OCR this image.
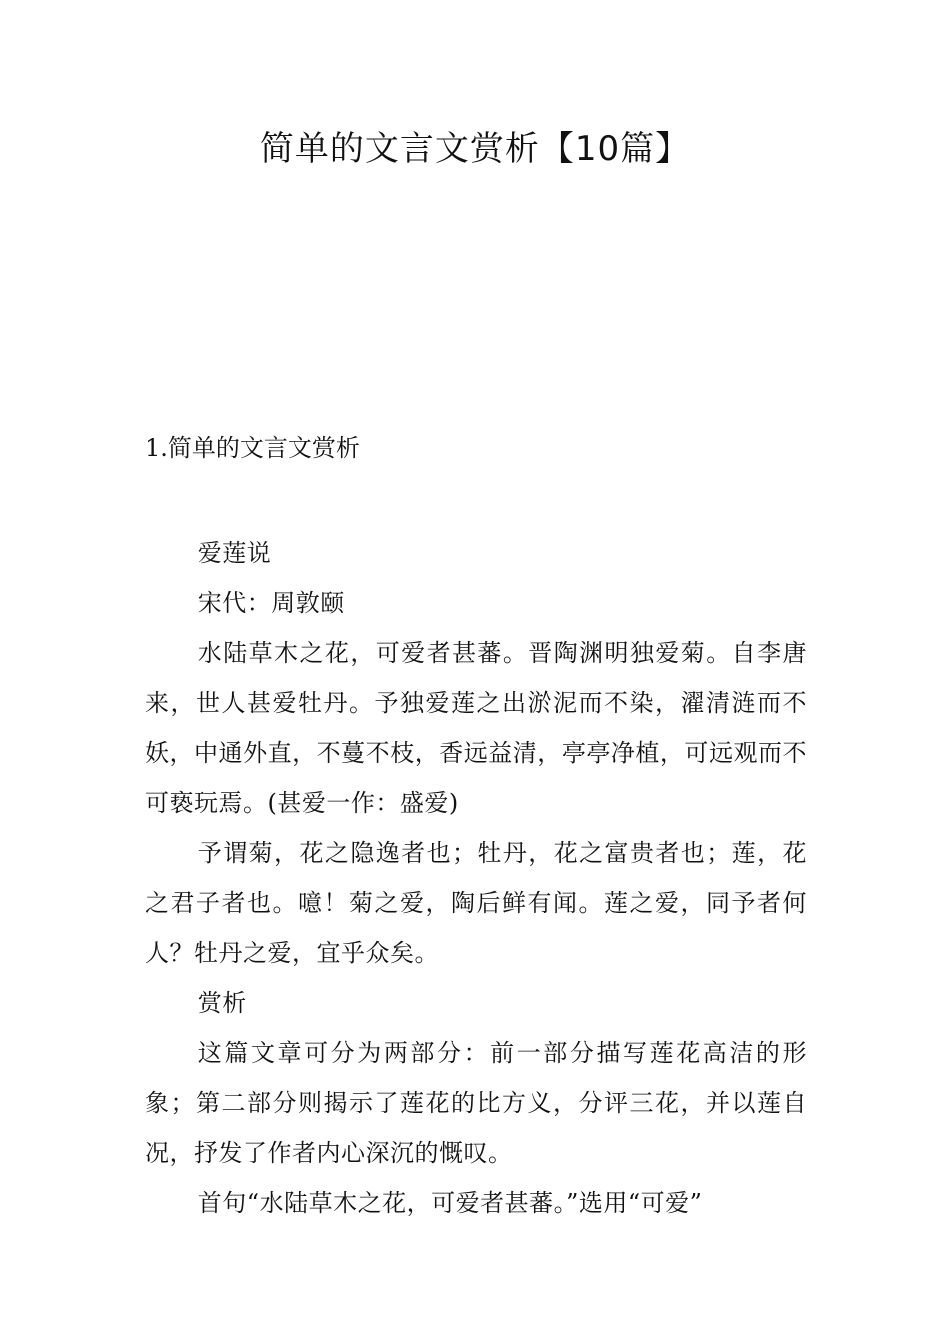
简单的文言文赏析【10篇】
1.简单的文言文赏析

爱莲说

宋代：周敦颐

水陆草木之花，可爱者甚蕃。晋陶渊明独爱菊。自李唐来，世人甚爱牡丹。予独爱莲之出淤泥而不染，濯清涟而不妖，中通外直，不蔓不枝，香远益清，亭亭净植，可远观而不可亵玩焉。(甚爱一作：盛爱)

予谓菊，花之隐逸者也；牡丹，花之富贵者也；莲，花之君子者也。噫！菊之爱，陶后鲜有闻。莲之爱，同予者何人？牡丹之爱，宜乎众矣。

赏析

这篇文章可分为两部分：前一部分描写莲花高洁的形象；第二部分则揭示了莲花的比方义，分评三花，并以莲自况，抒发了作者内心深沉的慨叹。

首句“水陆草木之花，可爱者甚蕃。”选用“可爱”
